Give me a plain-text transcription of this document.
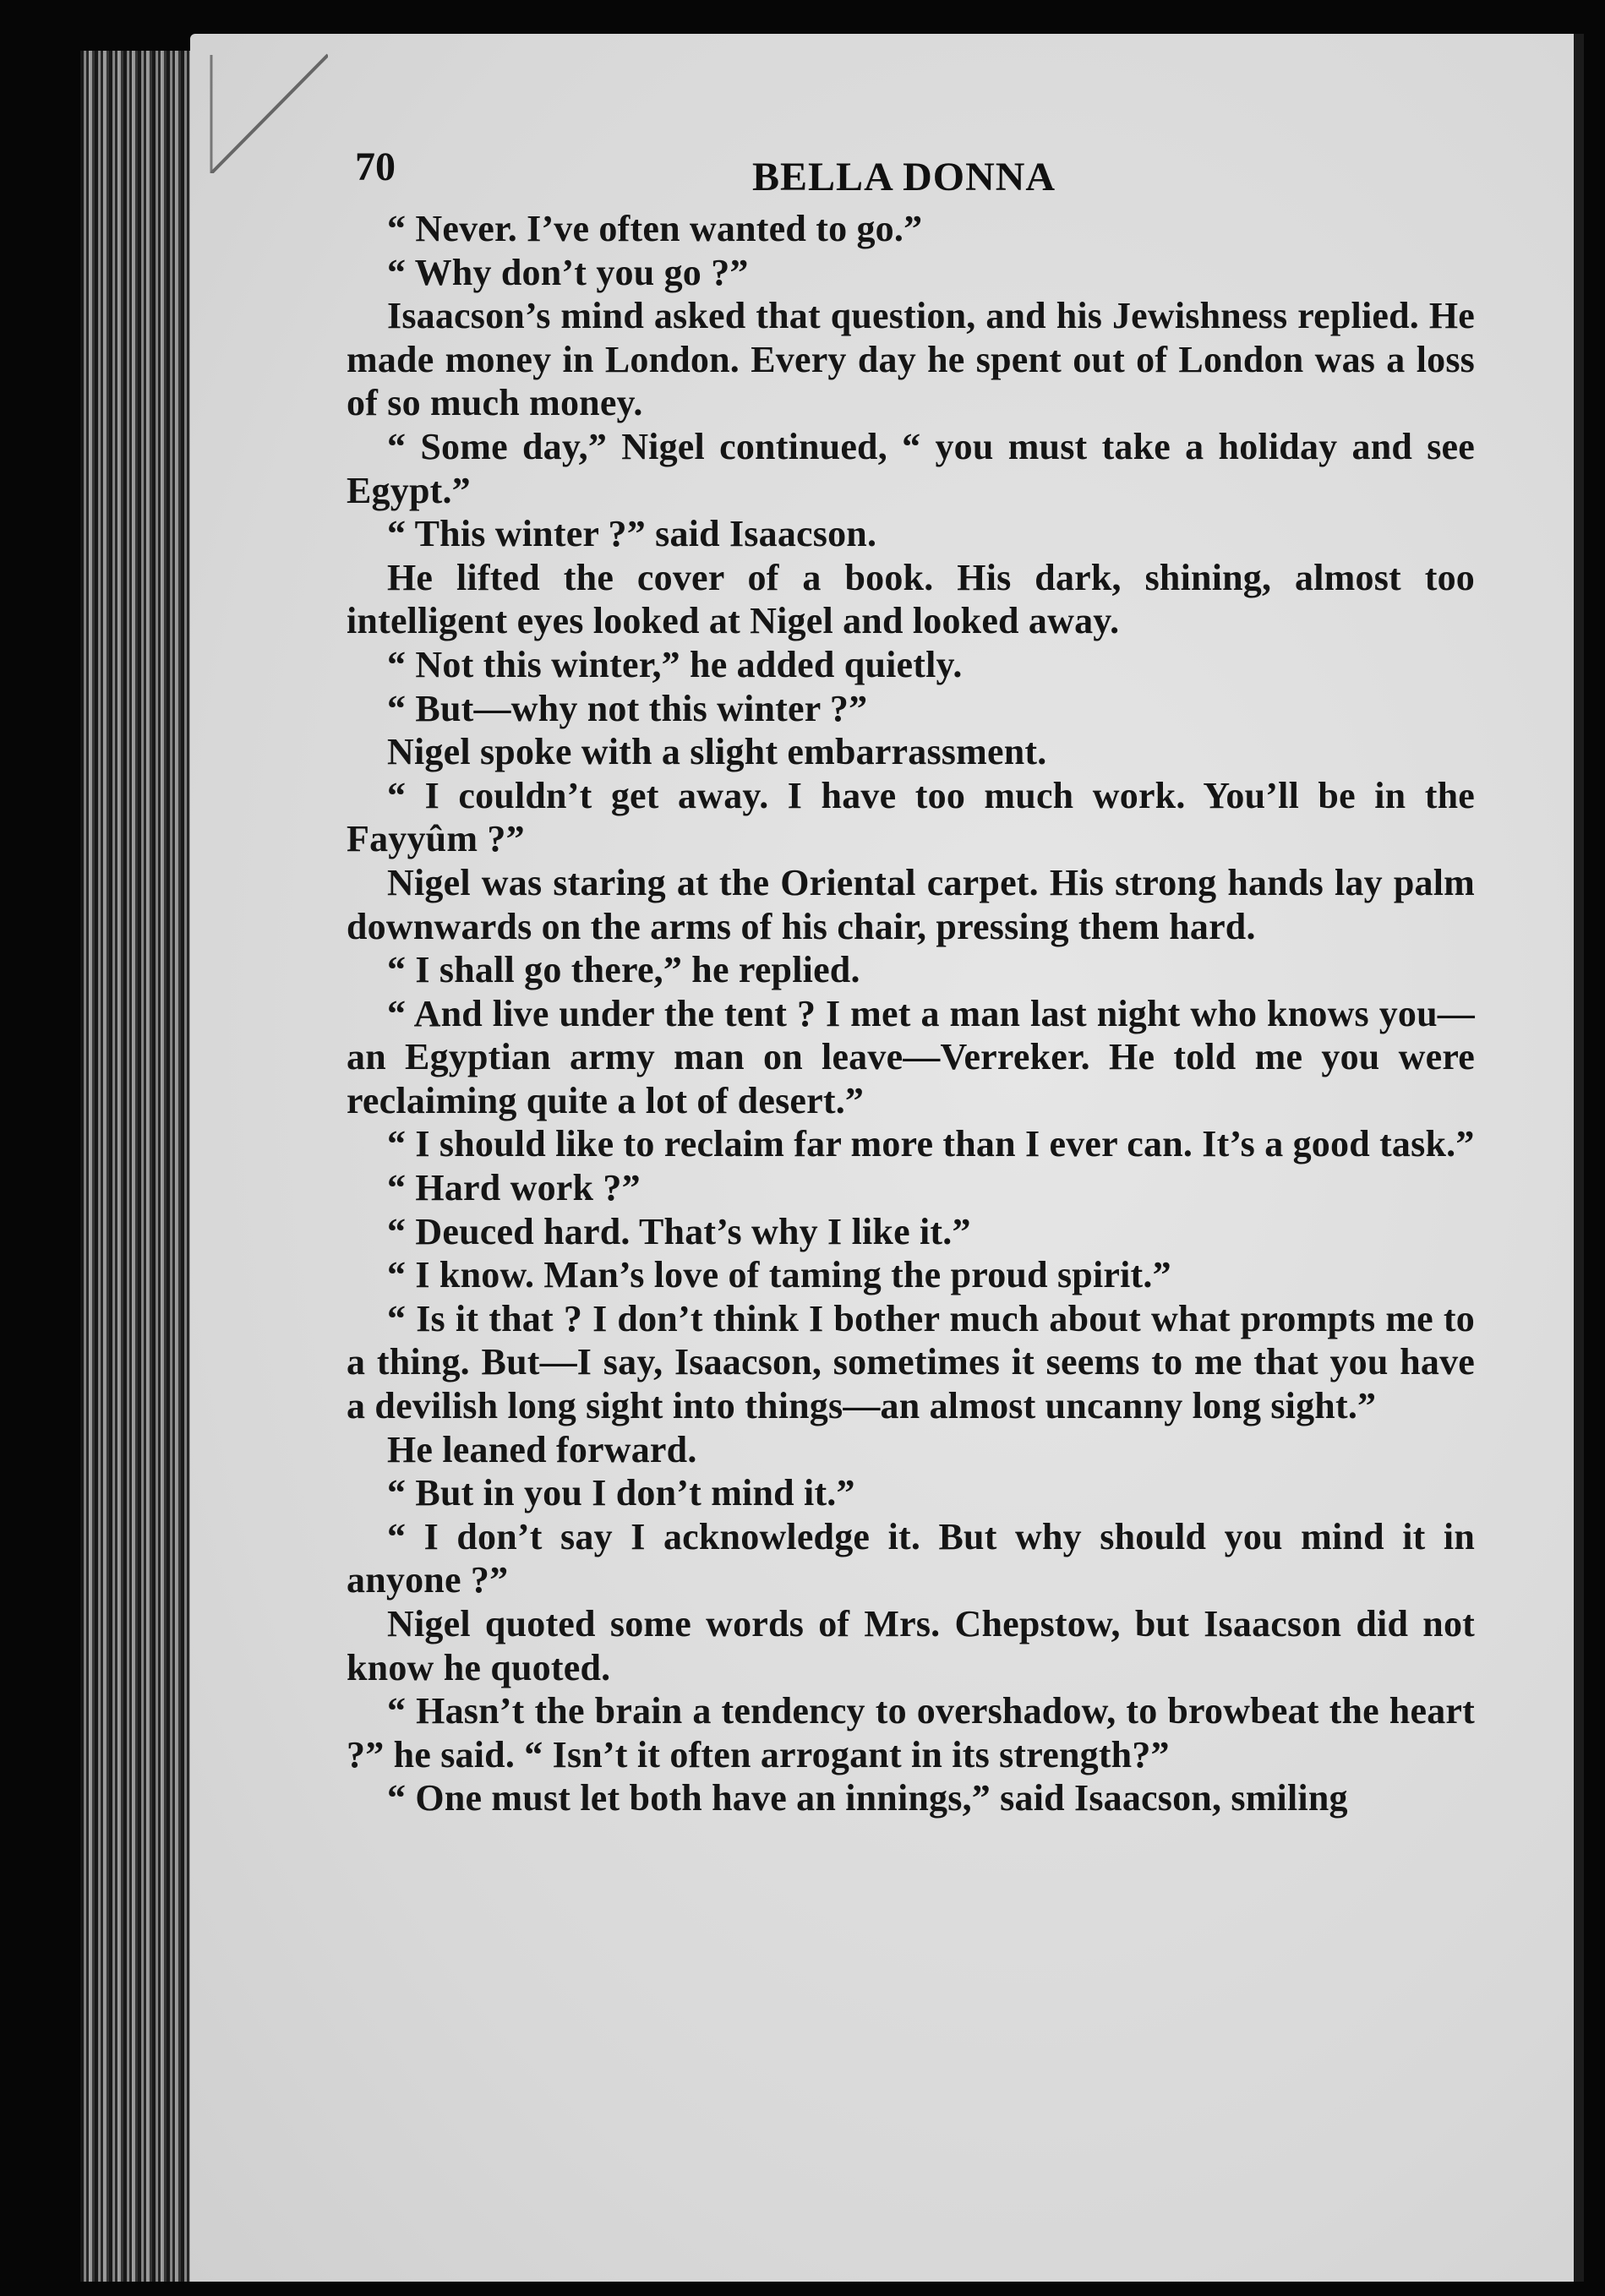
70	BELLA DONNA

“ Never. I’ve often wanted to go.”

“ Why don’t you go ?”

Isaacson’s mind asked that question, and his Jewishness replied. He made money in London. Every day he spent out of London was a loss of so much money.

“ Some day,” Nigel continued, “ you must take a holiday and see Egypt.”

“ This winter ?” said Isaacson.

He lifted the cover of a book. His dark, shining, almost too intelligent eyes looked at Nigel and looked away.

“ Not this winter,” he added quietly.

“ But—why not this winter ?”

Nigel spoke with a slight embarrassment.

“ I couldn’t get away. I have too much work. You’ll be in the Fayyûm ?”

Nigel was staring at the Oriental carpet. His strong hands lay palm downwards on the arms of his chair, pressing them hard.

“ I shall go there,” he replied.

“ And live under the tent ? I met a man last night who knows you—an Egyptian army man on leave—Verreker. He told me you were reclaiming quite a lot of desert.”

“ I should like to reclaim far more than I ever can. It’s a good task.”

“ Hard work ?”

“ Deuced hard. That’s why I like it.”

“ I know. Man’s love of taming the proud spirit.”

“ Is it that ? I don’t think I bother much about what prompts me to a thing. But—I say, Isaacson, sometimes it seems to me that you have a devilish long sight into things—an almost uncanny long sight.”

He leaned forward.

“ But in you I don’t mind it.”

“ I don’t say I acknowledge it. But why should you mind it in anyone ?”

Nigel quoted some words of Mrs. Chepstow, but Isaacson did not know he quoted.

“ Hasn’t the brain a tendency to overshadow, to browbeat the heart ?” he said. “ Isn’t it often arrogant in its strength?”

“ One must let both have an innings,” said Isaacson, smiling
